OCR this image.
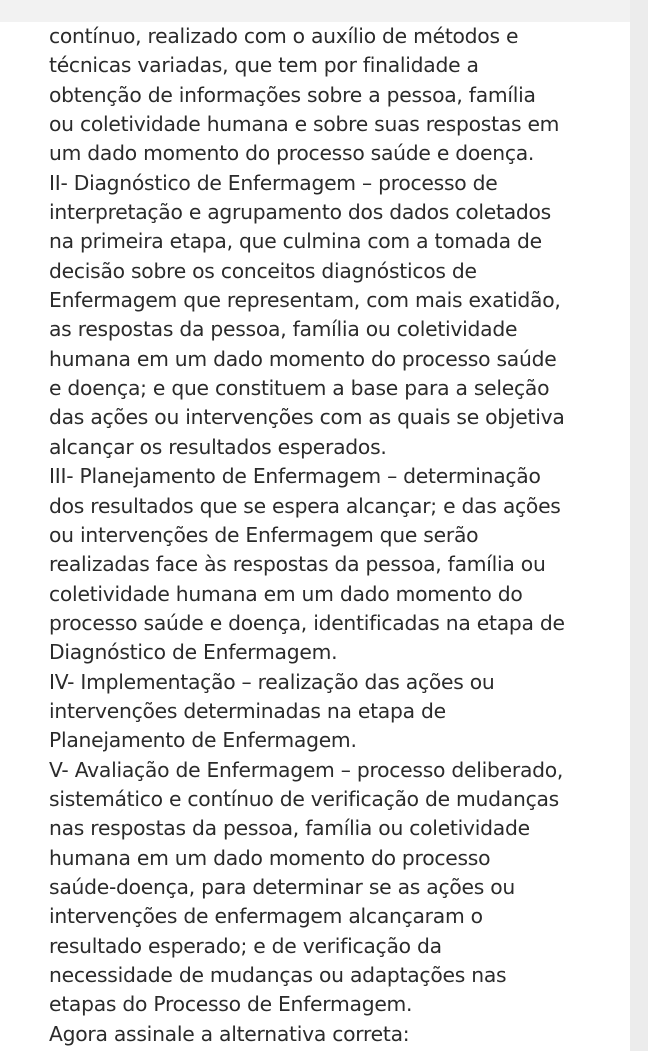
contínuo, realizado com o auxílio de métodos e
técnicas variadas, que tem por finalidade a
obtenção de informações sobre a pessoa, família
ou coletividade humana e sobre suas respostas em
um dado momento do processo saúde e doença.
II- Diagnóstico de Enfermagem – processo de
interpretação e agrupamento dos dados coletados
na primeira etapa, que culmina com a tomada de
decisão sobre os conceitos diagnósticos de
Enfermagem que representam, com mais exatidão,
as respostas da pessoa, família ou coletividade
humana em um dado momento do processo saúde
e doença; e que constituem a base para a seleção
das ações ou intervenções com as quais se objetiva
alcançar os resultados esperados.
III- Planejamento de Enfermagem – determinação
dos resultados que se espera alcançar; e das ações
ou intervenções de Enfermagem que serão
realizadas face às respostas da pessoa, família ou
coletividade humana em um dado momento do
processo saúde e doença, identificadas na etapa de
Diagnóstico de Enfermagem.
IV- Implementação – realização das ações ou
intervenções determinadas na etapa de
Planejamento de Enfermagem.
V- Avaliação de Enfermagem – processo deliberado,
sistemático e contínuo de verificação de mudanças
nas respostas da pessoa, família ou coletividade
humana em um dado momento do processo
saúde-doença, para determinar se as ações ou
intervenções de enfermagem alcançaram o
resultado esperado; e de verificação da
necessidade de mudanças ou adaptações nas
etapas do Processo de Enfermagem.
Agora assinale a alternativa correta:
